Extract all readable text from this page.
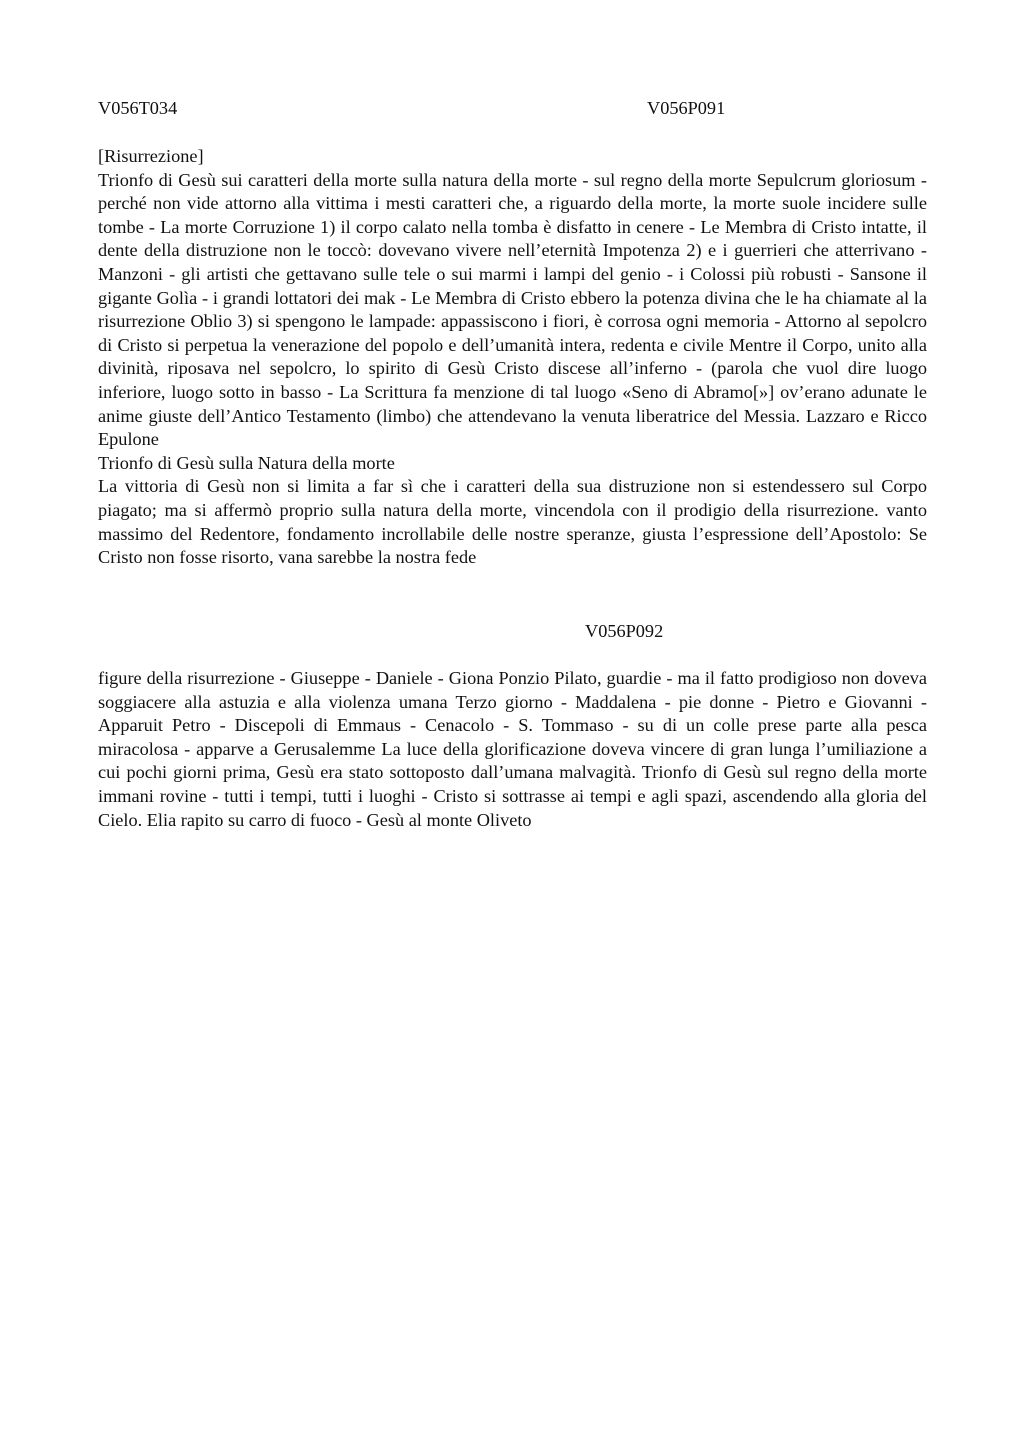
V056T034	V056P091

[Risurrezione]

Trionfo di Gesù sui caratteri della morte sulla natura della morte - sul regno della morte Sepulcrum gloriosum - perché non vide attorno alla vittima i mesti caratteri che, a riguardo della morte, la morte suole incidere sulle tombe - La morte Corruzione 1) il corpo calato nella tomba è disfatto in cenere - Le Membra di Cristo intatte, il dente della distruzione non le toccò: dovevano vivere nell’eternità Impotenza 2) e i guerrieri che atterrivano - Manzoni - gli artisti che gettavano sulle tele o sui marmi i lampi del genio - i Colossi più robusti - Sansone il gigante Golìa - i grandi lottatori dei mak - Le Membra di Cristo ebbero la potenza divina che le ha chiamate al la risurrezione Oblio 3) si spengono le lampade: appassiscono i fiori, è corrosa ogni memoria - Attorno al sepolcro di Cristo si perpetua la venerazione del popolo e dell’umanità intera, redenta e civile Mentre il Corpo, unito alla divinità, riposava nel sepolcro, lo spirito di Gesù Cristo discese all’inferno - (parola che vuol dire luogo inferiore, luogo sotto in basso - La Scrittura fa menzione di tal luogo «Seno di Abramo[»] ov’erano adunate le anime giuste dell’Antico Testamento (limbo) che attendevano la venuta liberatrice del Messia. Lazzaro e Ricco Epulone

Trionfo di Gesù sulla Natura della morte

La vittoria di Gesù non si limita a far sì che i caratteri della sua distruzione non si estendessero sul Corpo piagato; ma si affermò proprio sulla natura della morte, vincendola con il prodigio della risurrezione. vanto massimo del Redentore, fondamento incrollabile delle nostre speranze, giusta l’espressione dell’Apostolo: Se Cristo non fosse risorto, vana sarebbe la nostra fede

V056P092

figure della risurrezione - Giuseppe - Daniele - Giona Ponzio Pilato, guardie - ma il fatto prodigioso non doveva soggiacere alla astuzia e alla violenza umana Terzo giorno - Maddalena - pie donne - Pietro e Giovanni - Apparuit Petro - Discepoli di Emmaus - Cenacolo - S. Tommaso - su di un colle prese parte alla pesca miracolosa - apparve a Gerusalemme La luce della glorificazione doveva vincere di gran lunga l’umiliazione a cui pochi giorni prima, Gesù era stato sottoposto dall’umana malvagità. Trionfo di Gesù sul regno della morte immani rovine - tutti i tempi, tutti i luoghi - Cristo si sottrasse ai tempi e agli spazi, ascendendo alla gloria del Cielo. Elia rapito su carro di fuoco - Gesù al monte Oliveto
